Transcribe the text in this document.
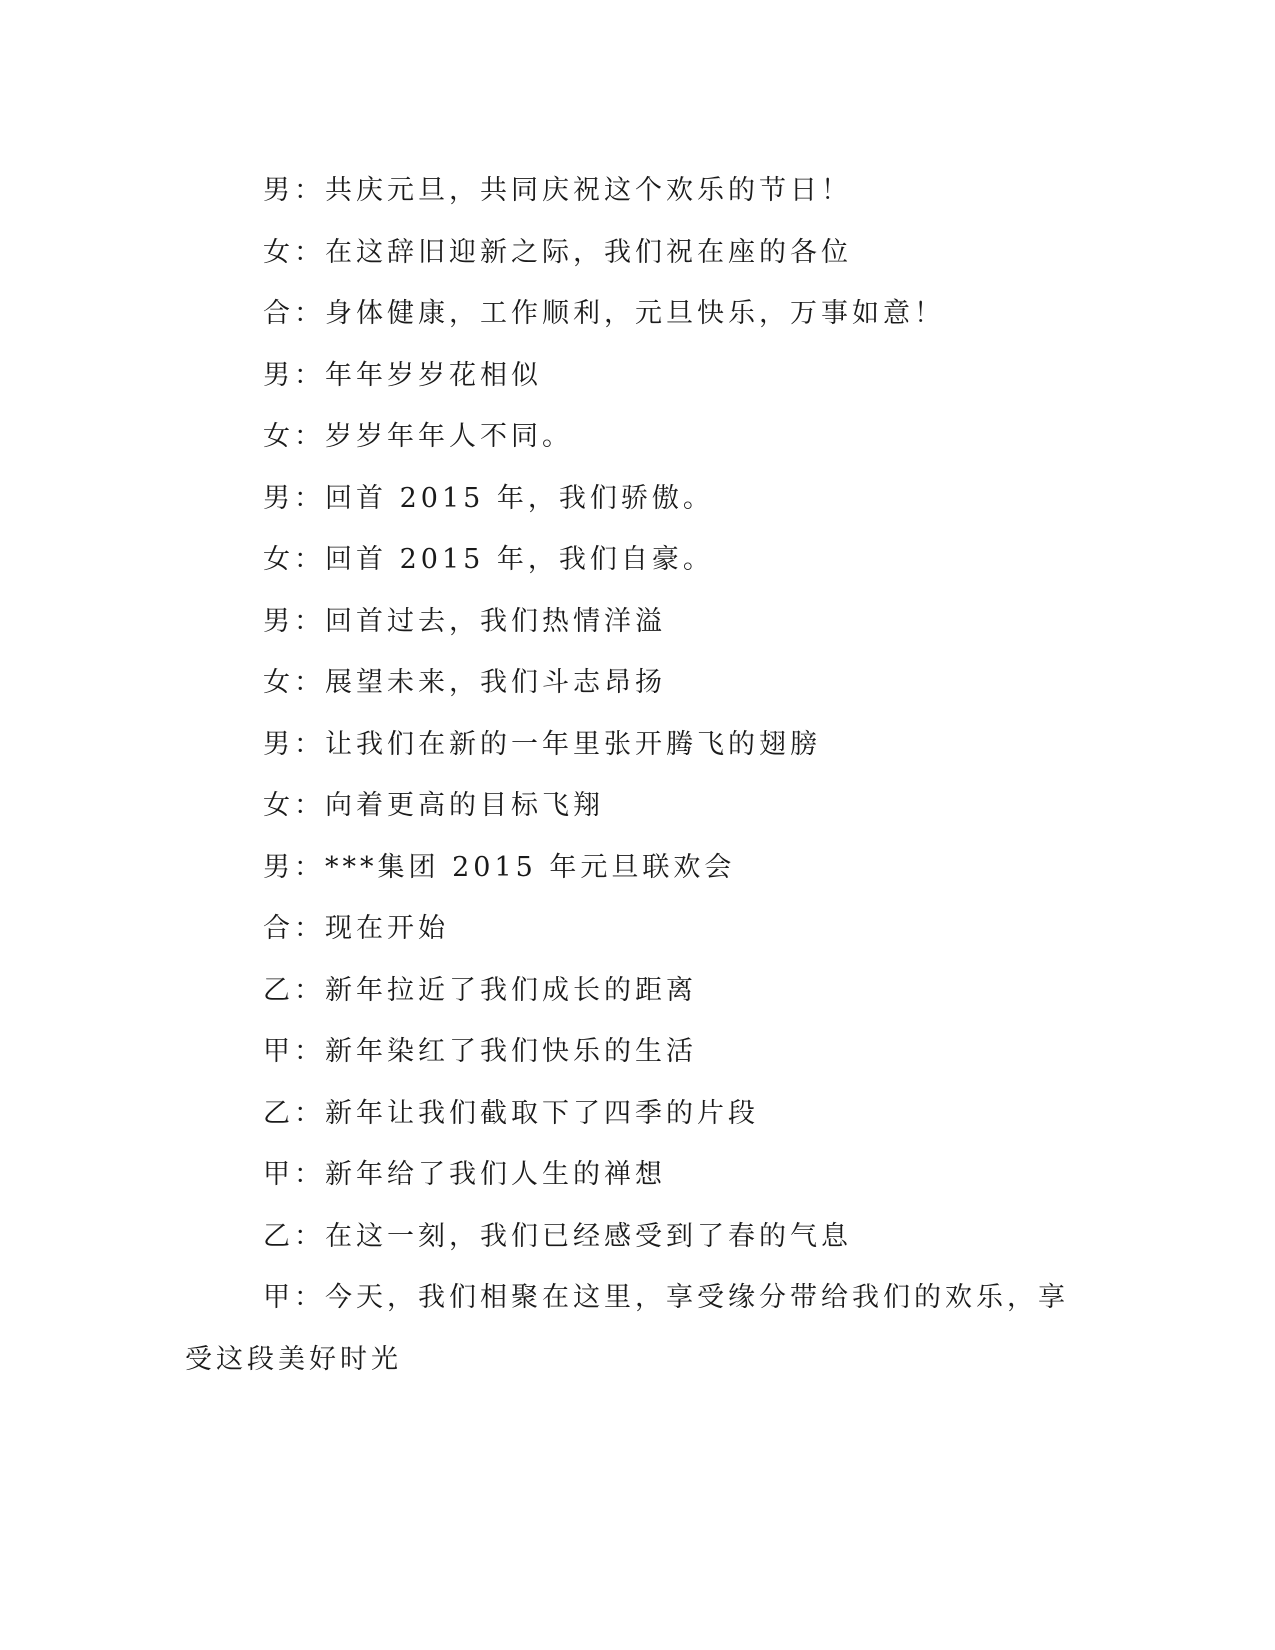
男：共庆元旦，共同庆祝这个欢乐的节日！
女：在这辞旧迎新之际，我们祝在座的各位
合：身体健康，工作顺利，元旦快乐，万事如意！
男：年年岁岁花相似
女：岁岁年年人不同。
男：回首 2015 年，我们骄傲。
女：回首 2015 年，我们自豪。
男：回首过去，我们热情洋溢
女：展望未来，我们斗志昂扬
男：让我们在新的一年里张开腾飞的翅膀
女：向着更高的目标飞翔
男：***集团 2015 年元旦联欢会
合：现在开始
乙：新年拉近了我们成长的距离
甲：新年染红了我们快乐的生活
乙：新年让我们截取下了四季的片段
甲：新年给了我们人生的禅想
乙：在这一刻，我们已经感受到了春的气息
甲：今天，我们相聚在这里，享受缘分带给我们的欢乐，享受这段美好时光
